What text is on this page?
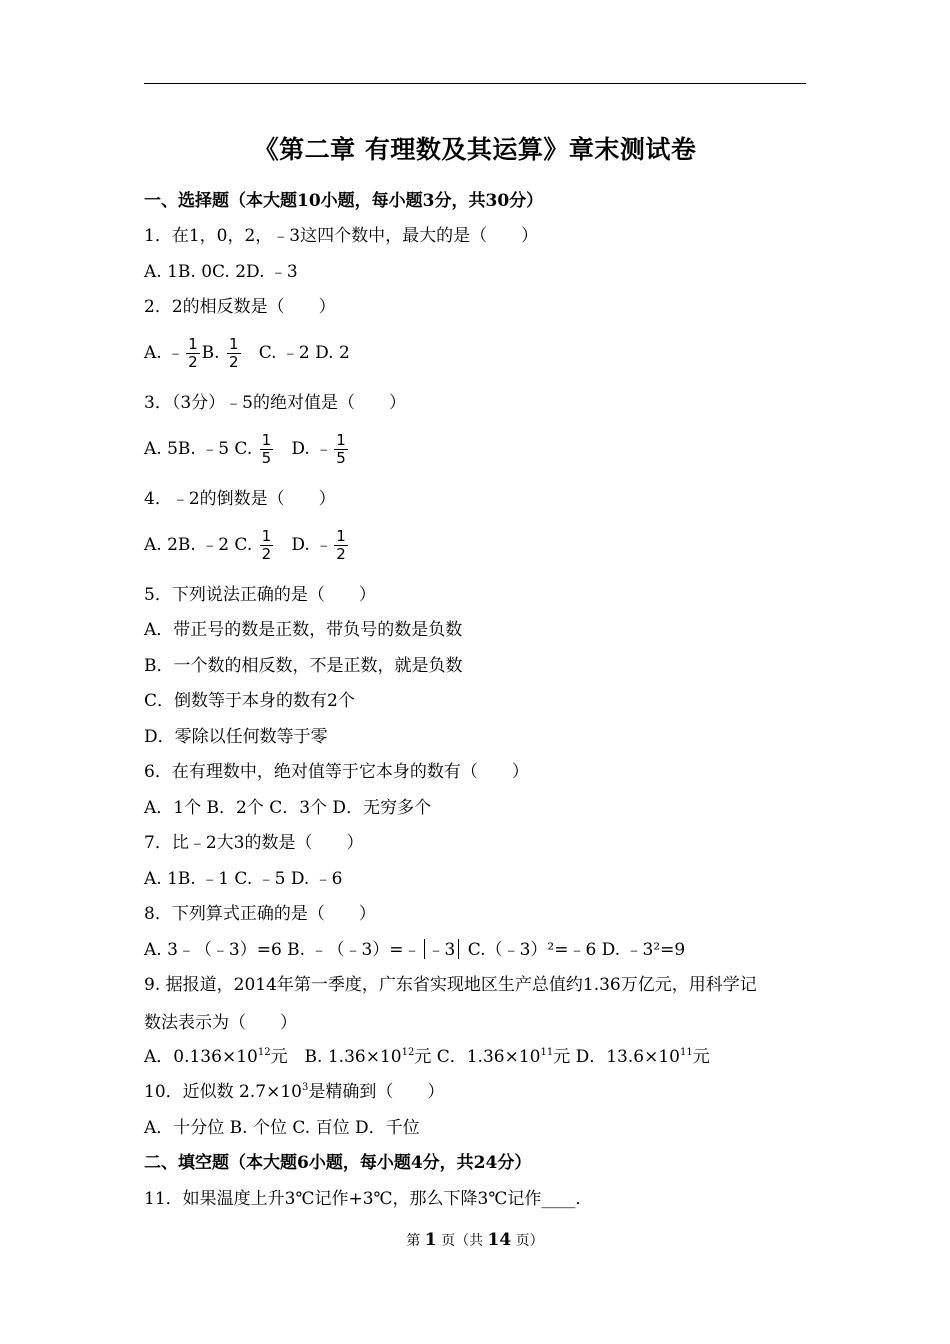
《第二章 有理数及其运算》章末测试卷
一、选择题（本大题10小题，每小题3分，共30分）
1．在1，0，2，﹣3这四个数中，最大的是（　　）
A. 1B. 0C. 2D. ﹣3
2．2的相反数是（　　）
A. ﹣ $\frac{1}{2} B$. $\frac{1}{2} C$. ﹣2 D. 2
3．（3分）﹣5的绝对值是（　　）
A. 5B. ﹣5 C. $\frac{1}{5} D$. ﹣ $\frac{1}{5}$
4．﹣2的倒数是（　　）
A. 2B. ﹣2 C. $\frac{1}{2} D$. ﹣ $\frac{1}{2}$
5．下列说法正确的是（　　）
A．带正号的数是正数，带负号的数是负数
B．一个数的相反数，不是正数，就是负数
C．倒数等于本身的数有2个
D．零除以任何数等于零
6．在有理数中，绝对值等于它本身的数有（　　）
A．1个 B．2个 C．3个 D．无穷多个
7．比﹣2大3的数是（　　）
A. 1B. ﹣1 C. ﹣5 D. ﹣6
8．下列算式正确的是（　　）
A. 3﹣（﹣3）=6 B. ﹣（﹣3）=﹣ ﹣3 C.（﹣3）²=﹣6 D. ﹣3²=9
9. 据报道，2014年第一季度，广东省实现地区生产总值约1.36万亿元，用科学记
数法表示为（　　）
A．$0.136\times 10^{12}$元　B. $1.36\times 10^{12}$元 C．$1.36\times 10^{11}$元 D．$13.6\times 10^{11}$元
10．近似数 $2.7\times 10^3$是精确到（　　）
A．十分位 B. 个位 C. 百位 D．千位
二、填空题（本大题6小题，每小题4分，共24分）
11．如果温度上升3℃记作+3℃，那么下降3℃记作____．
第 1 页（共 14 页）
